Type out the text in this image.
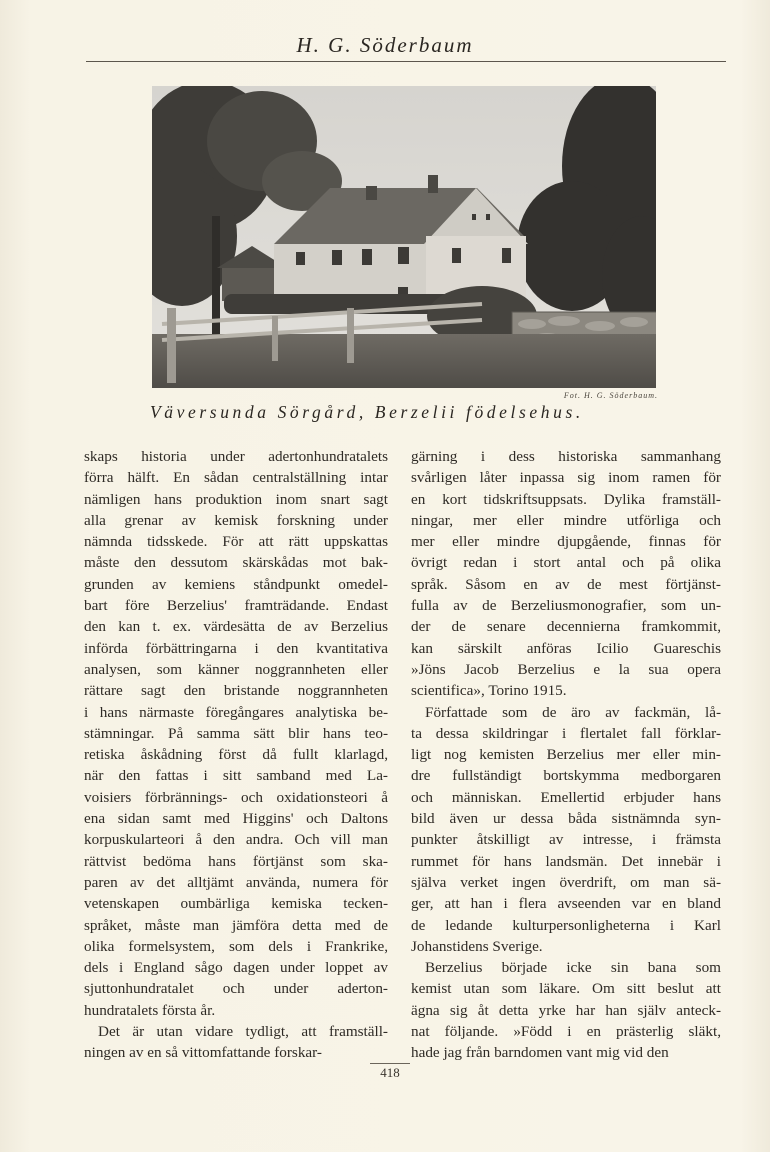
H. G. Söderbaum
Fot. H. G. Söderbaum.
Väversunda Sörgård, Berzelii födelsehus.
skaps historia under adertonhundratalets
förra hälft. En sådan centralställning intar
nämligen hans produktion inom snart sagt
alla grenar av kemisk forskning under
nämnda tidsskede. För att rätt uppskattas
måste den dessutom skärskådas mot bak-
grunden av kemiens ståndpunkt omedel-
bart före Berzelius' framträdande. Endast
den kan t. ex. värdesätta de av Berzelius
införda förbättringarna i den kvantitativa
analysen, som känner noggrannheten eller
rättare sagt den bristande noggrannheten
i hans närmaste föregångares analytiska be-
stämningar. På samma sätt blir hans teo-
retiska åskådning först då fullt klarlagd,
när den fattas i sitt samband med La-
voisiers förbrännings- och oxidationsteori å
ena sidan samt med Higgins' och Daltons
korpuskularteori å den andra. Och vill man
rättvist bedöma hans förtjänst som ska-
paren av det alltjämt använda, numera för
vetenskapen oumbärliga kemiska tecken-
språket, måste man jämföra detta med de
olika formelsystem, som dels i Frankrike,
dels i England sågo dagen under loppet av
sjuttonhundratalet och under aderton-
hundratalets första år.
Det är utan vidare tydligt, att framställ-
ningen av en så vittomfattande forskar-
gärning i dess historiska sammanhang
svårligen låter inpassa sig inom ramen för
en kort tidskriftsuppsats. Dylika framställ-
ningar, mer eller mindre utförliga och
mer eller mindre djupgående, finnas för
övrigt redan i stort antal och på olika
språk. Såsom en av de mest förtjänst-
fulla av de Berzeliusmonografier, som un-
der de senare decennierna framkommit,
kan särskilt anföras Icilio Guareschis
»Jöns Jacob Berzelius e la sua opera
scientifica», Torino 1915.
Författade som de äro av fackmän, lå-
ta dessa skildringar i flertalet fall förklar-
ligt nog kemisten Berzelius mer eller min-
dre fullständigt bortskymma medborgaren
och människan. Emellertid erbjuder hans
bild även ur dessa båda sistnämnda syn-
punkter åtskilligt av intresse, i främsta
rummet för hans landsmän. Det innebär i
själva verket ingen överdrift, om man sä-
ger, att han i flera avseenden var en bland
de ledande kulturpersonligheterna i Karl
Johanstidens Sverige.
Berzelius började icke sin bana som
kemist utan som läkare. Om sitt beslut att
ägna sig åt detta yrke har han själv anteck-
nat följande. »Född i en prästerlig släkt,
hade jag från barndomen vant mig vid den
418
